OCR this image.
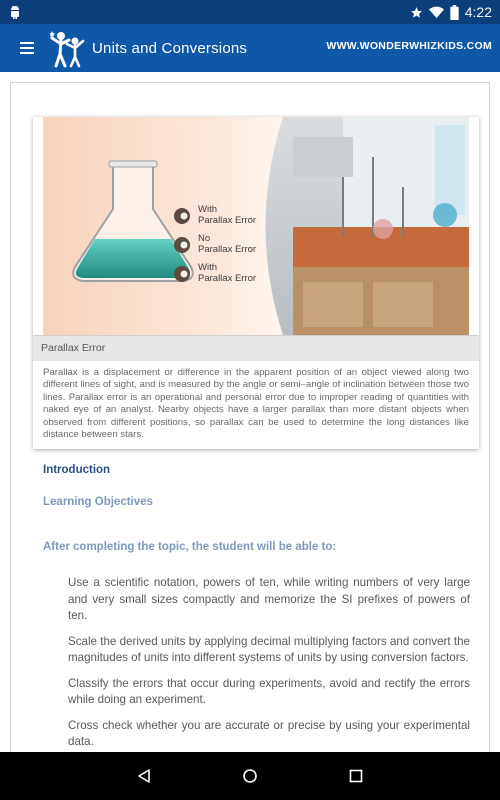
4:22
Units and Conversions	WWW.WONDERWHIZKIDS.COM
With
Parallax Error
No
Parallax Error
With
Parallax Error
Parallax Error

Parallax is a displacement or difference in the apparent position of an object viewed along two different lines of sight, and is measured by the angle or semi–angle of inclination between those two lines. Parallax error is an operational and personal error due to improper reading of quantities with naked eye of an analyst. Nearby objects have a larger parallax than more distant objects when observed from different positions, so parallax can be used to determine the long distances like distance between stars.

Introduction
Learning Objectives
After completing the topic, the student will be able to:

Use a scientific notation, powers of ten, while writing numbers of very large and very small sizes compactly and memorize the SI prefixes of powers of ten.

Scale the derived units by applying decimal multiplying factors and convert the magnitudes of units into different systems of units by using conversion factors.

Classify the errors that occur during experiments, avoid and rectify the errors while doing an experiment.

Cross check whether you are accurate or precise by using your experimental data.
